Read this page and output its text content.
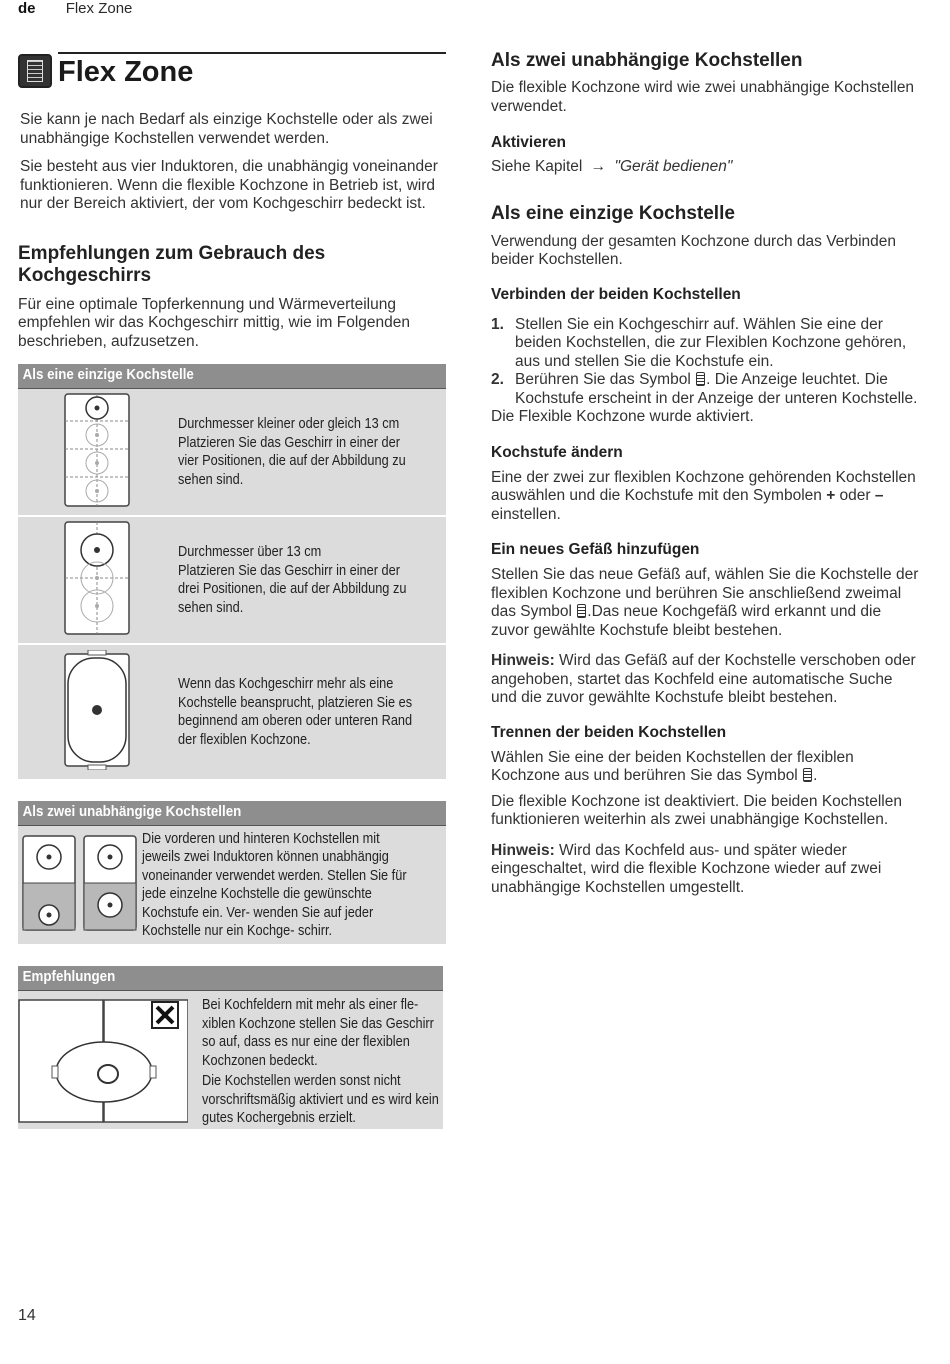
de Flex Zone
Flex Zone

Sie kann je nach Bedarf als einzige Kochstelle oder als zwei unabhängige Kochstellen verwendet werden.

Sie besteht aus vier Induktoren, die unabhängig voneinander funktionieren. Wenn die flexible Kochzone in Betrieb ist, wird nur der Bereich aktiviert, der vom Kochgeschirr bedeckt ist.

Empfehlungen zum Gebrauch des Kochgeschirrs

Für eine optimale Topferkennung und Wärmeverteilung empfehlen wir das Kochgeschirr mittig, wie im Folgenden beschrieben, aufzusetzen.

Als eine einzige Kochstelle
Durchmesser kleiner oder gleich 13 cm
Platzieren Sie das Geschirr in einer der vier Positionen, die auf der Abbildung zu sehen sind.
Durchmesser über 13 cm
Platzieren Sie das Geschirr in einer der drei Positionen, die auf der Abbildung zu sehen sind.
Wenn das Kochgeschirr mehr als eine Kochstelle beansprucht, platzieren Sie es beginnend am oberen oder unteren Rand der flexiblen Kochzone.
Als zwei unabhängige Kochstellen
Die vorderen und hinteren Kochstellen mit jeweils zwei Induktoren können unabhängig voneinander verwendet werden. Stellen Sie für jede einzelne Kochstelle die gewünschte Kochstufe ein. Ver- wenden Sie auf jeder Kochstelle nur ein Kochge- schirr.
Empfehlungen
Bei Kochfeldern mit mehr als einer fle- xiblen Kochzone stellen Sie das Geschirr so auf, dass es nur eine der flexiblen Kochzonen bedeckt.
Die Kochstellen werden sonst nicht vorschriftsmäßig aktiviert und es wird kein gutes Kochergebnis erzielt.
Als zwei unabhängige Kochstellen

Die flexible Kochzone wird wie zwei unabhängige Kochstellen verwendet.

Aktivieren

Siehe Kapitel → "Gerät bedienen"

Als eine einzige Kochstelle

Verwendung der gesamten Kochzone durch das Verbinden beider Kochstellen.

Verbinden der beiden Kochstellen
1. Stellen Sie ein Kochgeschirr auf. Wählen Sie eine der beiden Kochstellen, die zur Flexiblen Kochzone gehören, aus und stellen Sie die Kochstufe ein.
2. Berühren Sie das Symbol . Die Anzeige leuchtet. Die Kochstufe erscheint in der Anzeige der unteren Kochstelle.

Die Flexible Kochzone wurde aktiviert.

Kochstufe ändern

Eine der zwei zur flexiblen Kochzone gehörenden Kochstellen auswählen und die Kochstufe mit den Symbolen + oder – einstellen.

Ein neues Gefäß hinzufügen

Stellen Sie das neue Gefäß auf, wählen Sie die Kochstelle der flexiblen Kochzone und berühren Sie anschließend zweimal das Symbol .Das neue Kochgefäß wird erkannt und die zuvor gewählte Kochstufe bleibt bestehen.

Hinweis: Wird das Gefäß auf der Kochstelle verschoben oder angehoben, startet das Kochfeld eine automatische Suche und die zuvor gewählte Kochstufe bleibt bestehen.

Trennen der beiden Kochstellen

Wählen Sie eine der beiden Kochstellen der flexiblen Kochzone aus und berühren Sie das Symbol .

Die flexible Kochzone ist deaktiviert. Die beiden Kochstellen funktionieren weiterhin als zwei unabhängige Kochstellen.

Hinweis: Wird das Kochfeld aus- und später wieder eingeschaltet, wird die flexible Kochzone wieder auf zwei unabhängige Kochstellen umgestellt.

14
